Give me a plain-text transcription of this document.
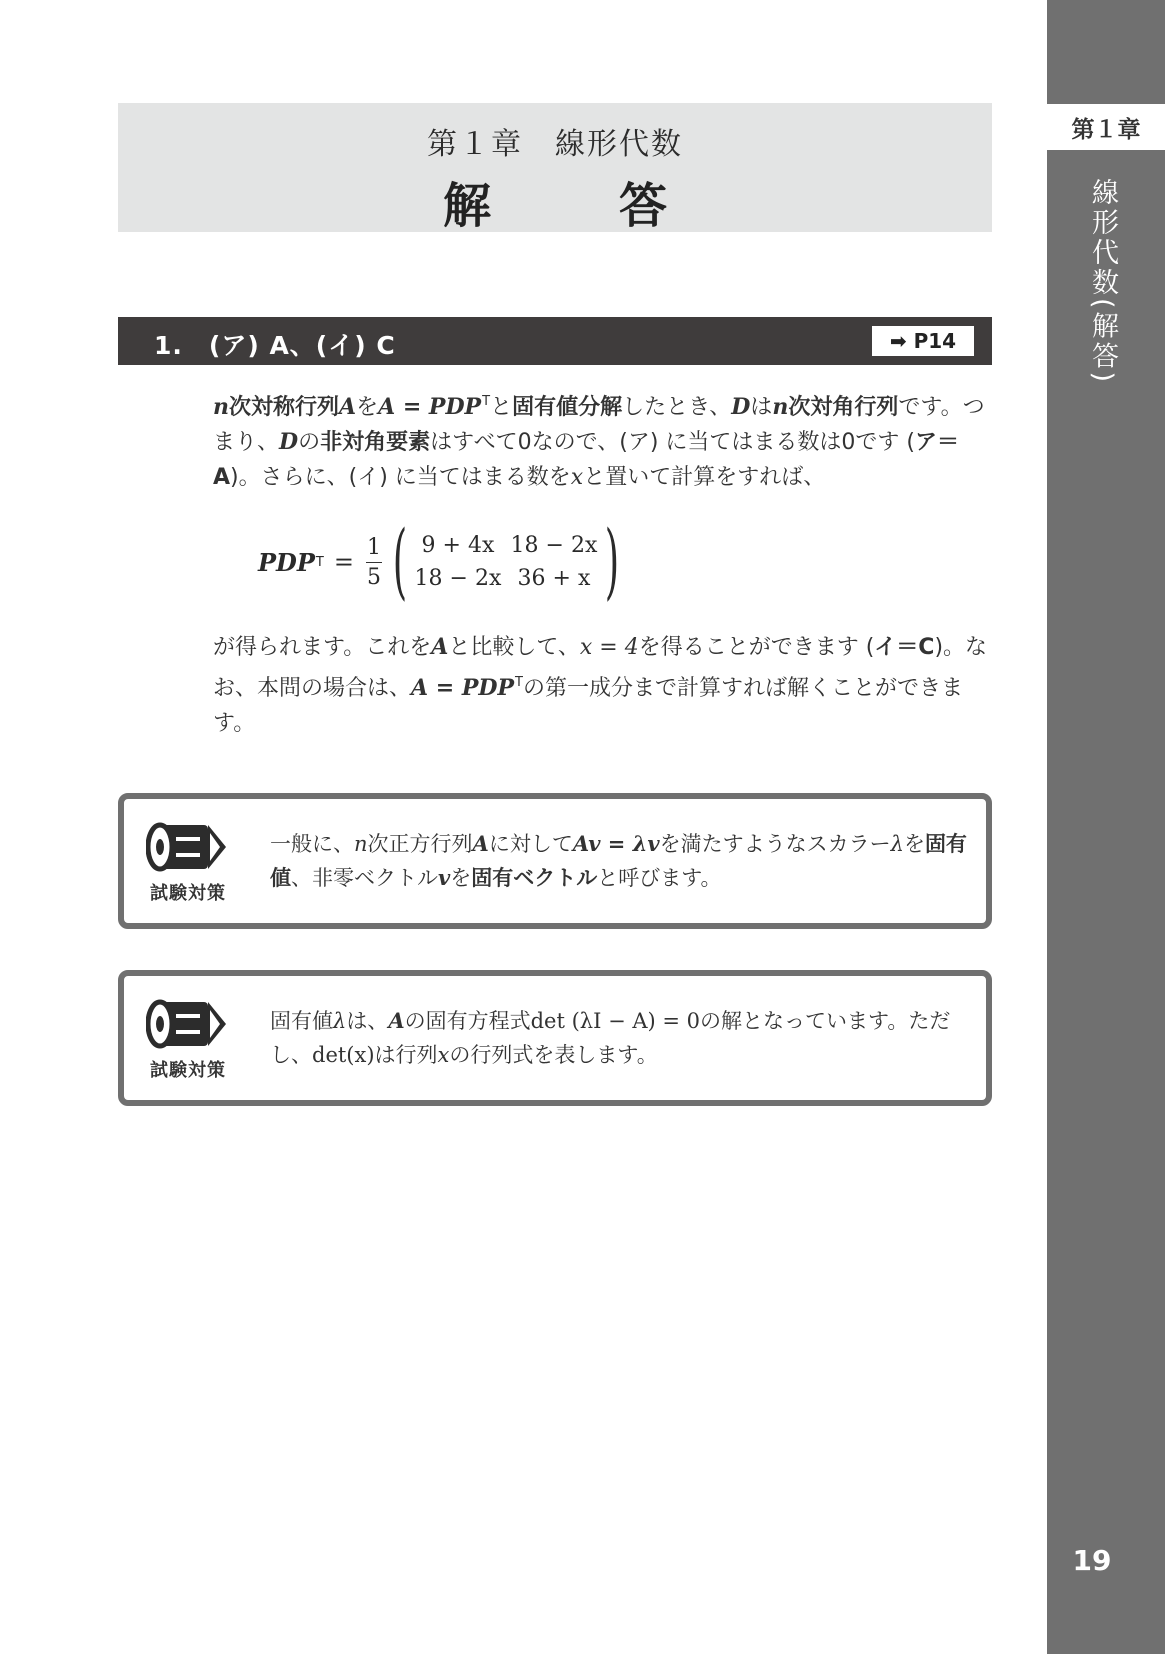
第１章
線形代数(解答)
19
第１章　線形代数
解　答
1.　(ア) A、(イ) C	➡
P14
n次対称行列Aを$A = PDP^T$と固有値分解したとき、Dはn次対角行列です。つまり、Dの非対角要素はすべて0なので、(ア) に当てはまる数は0です (ア＝A)。さらに、(イ) に当てはまる数をxと置いて計算をすれば、
PDP $T = \frac{1}{5}$ ( 9 + 4x 18 − 2x
18 − 2x 36 + x )
が得られます。これをAと比較して、x = 4を得ることができます (イ＝C)。なお、本問の場合は、$A = PDP^T$の第一成分まで計算すれば解くことができます。
試験対策
一般に、n次正方行列Aに対してAv = λvを満たすようなスカラーλを固有値、非零ベクトルvを固有ベクトルと呼びます。
試験対策
固有値λは、Aの固有方程式det (λI − A) = 0の解となっています。ただし、det(x)は行列xの行列式を表します。
